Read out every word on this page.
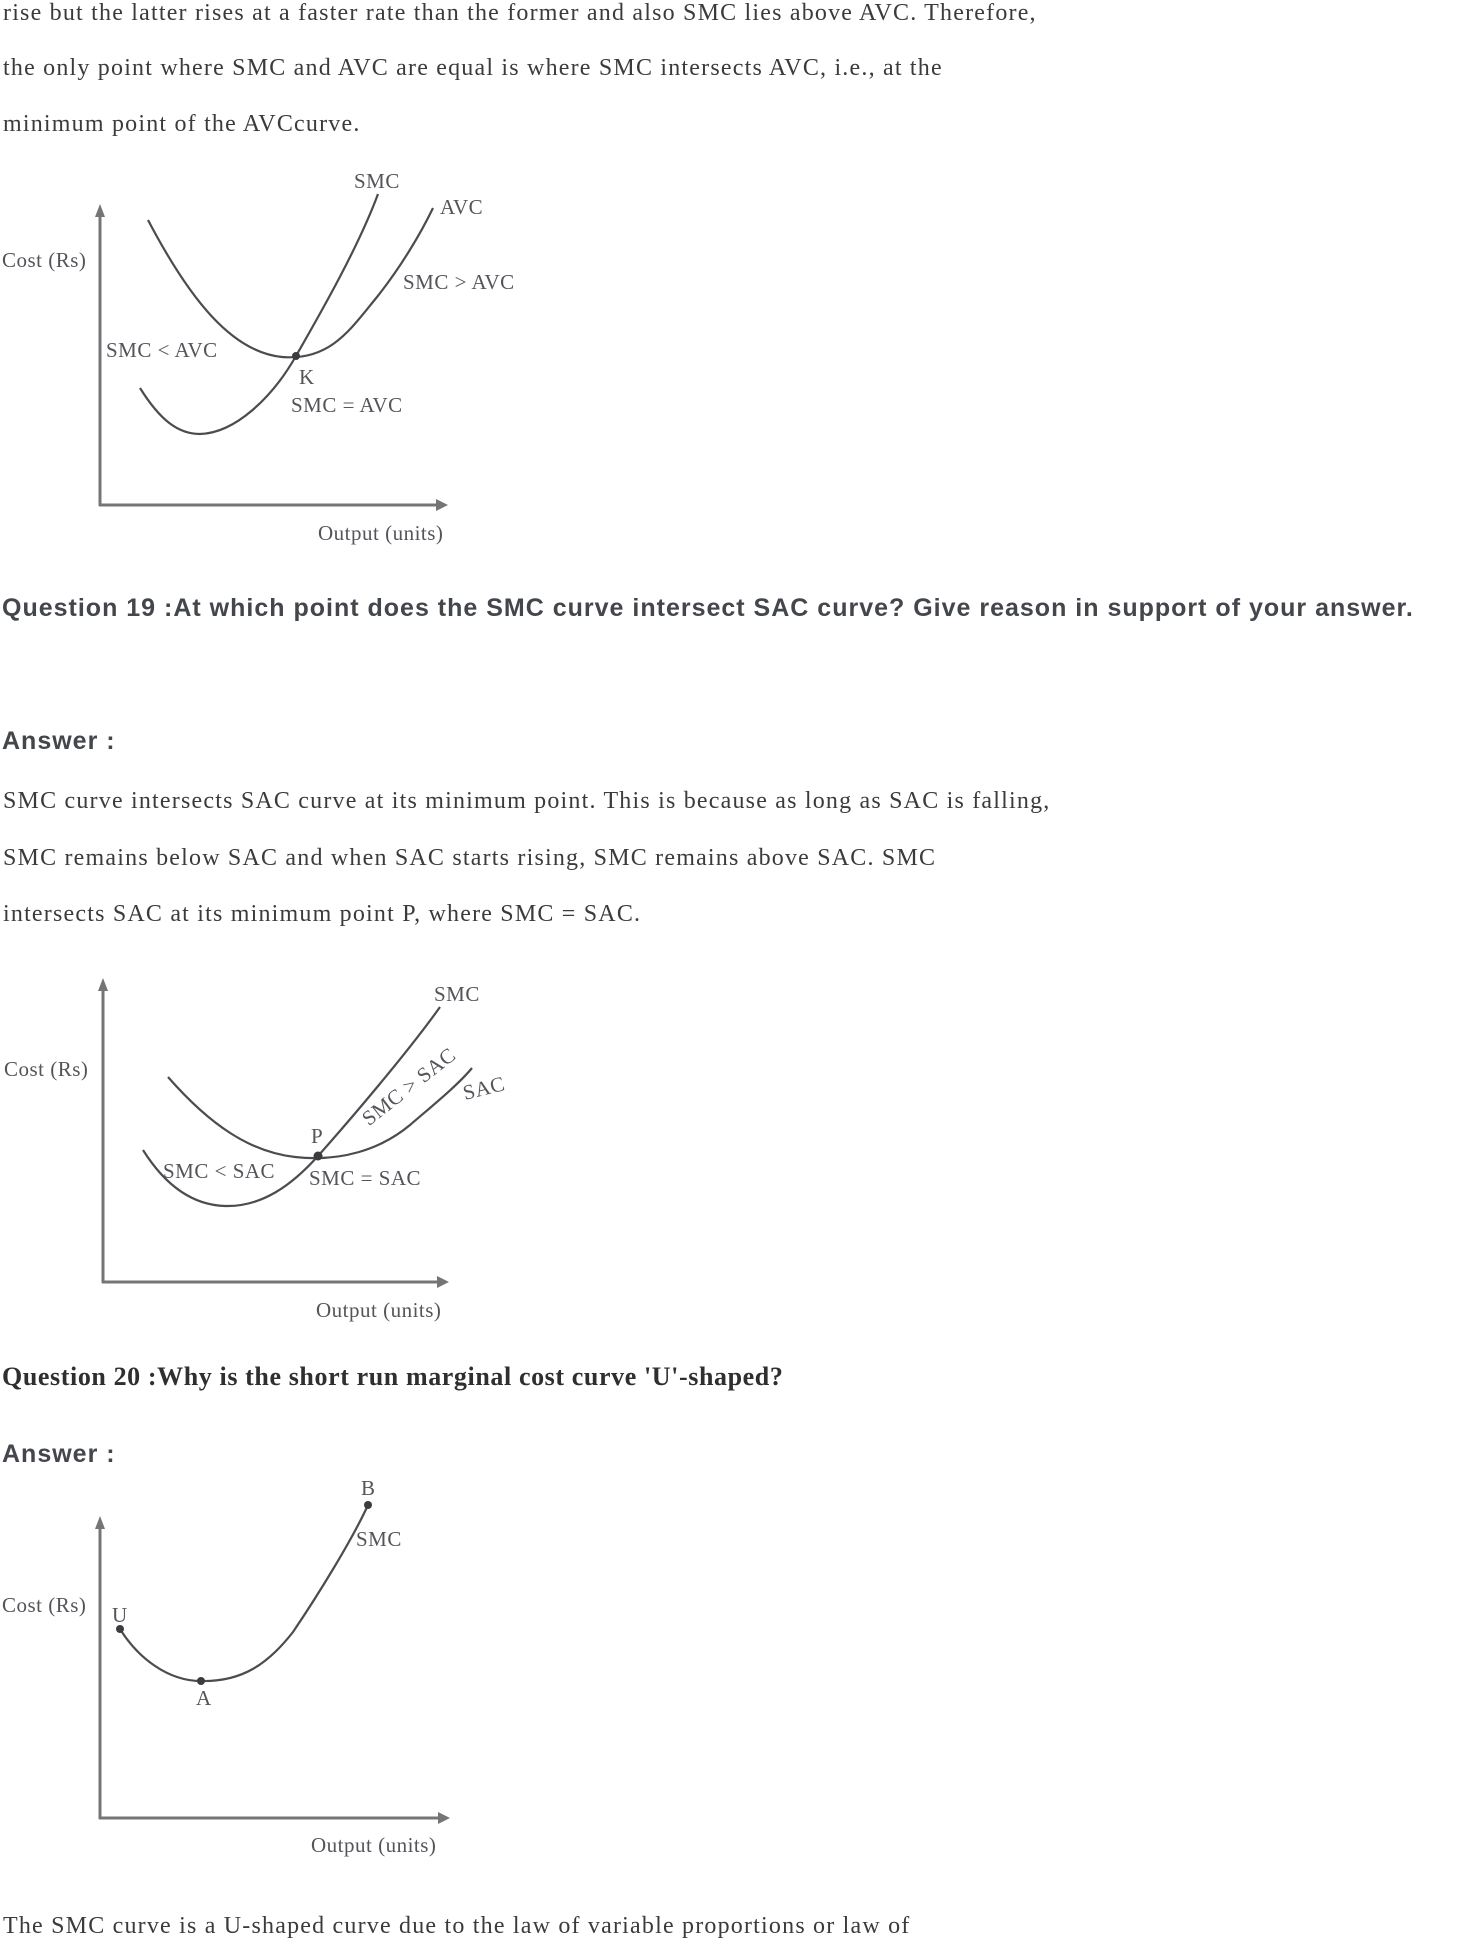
rise but the latter rises at a faster rate than the former and also SMC lies above AVC. Therefore,
the only point where SMC and AVC are equal is where SMC intersects AVC, i.e., at the
minimum point of the AVCcurve.
SMC
AVC
Cost (Rs)
SMC > AVC
SMC < AVC
K
SMC = AVC
Output (units)
Question 19 :At which point does the SMC curve intersect SAC curve? Give reason in support of your answer.
Answer :
SMC curve intersects SAC curve at its minimum point. This is because as long as SAC is falling,
SMC remains below SAC and when SAC starts rising, SMC remains above SAC. SMC
intersects SAC at its minimum point P, where SMC = SAC.
SMC
SAC
Cost (Rs)	SMC > SAC
P
SMC < SAC SMC = SAC
Output (units)
Question 20 :Why is the short run marginal cost curve 'U'-shaped?
Answer :
B
SMC
Cost (Rs) U
A
Output (units)
The SMC curve is a U-shaped curve due to the law of variable proportions or law of
